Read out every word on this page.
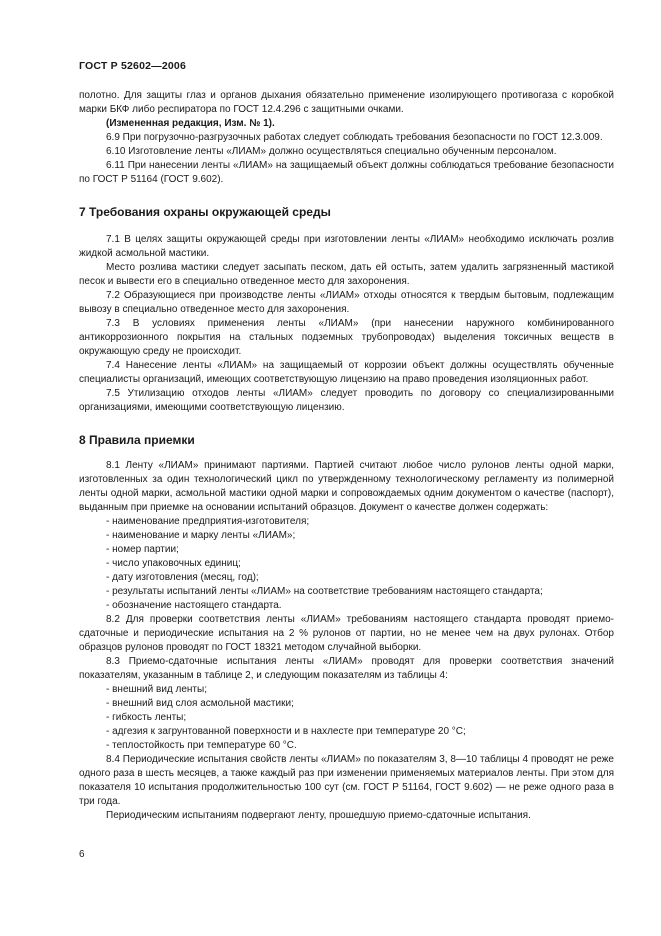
ГОСТ Р 52602—2006

полотно. Для защиты глаз и органов дыхания обязательно применение изолирующего противогаза с коробкой марки БКФ либо респиратора по ГОСТ 12.4.296 с защитными очками.

(Измененная редакция, Изм. № 1).

6.9 При погрузочно-разгрузочных работах следует соблюдать требования безопасности по ГОСТ 12.3.009.

6.10 Изготовление ленты «ЛИАМ» должно осуществляться специально обученным персоналом.

6.11 При нанесении ленты «ЛИАМ» на защищаемый объект должны соблюдаться требование безопасности по ГОСТ Р 51164 (ГОСТ 9.602).

7 Требования охраны окружающей среды

7.1 В целях защиты окружающей среды при изготовлении ленты «ЛИАМ» необходимо исключать розлив жидкой асмольной мастики.

Место розлива мастики следует засыпать песком, дать ей остыть, затем удалить загрязненный мастикой песок и вывести его в специально отведенное место для захоронения.

7.2 Образующиеся при производстве ленты «ЛИАМ» отходы относятся к твердым бытовым, подлежащим вывозу в специально отведенное место для захоронения.

7.3 В условиях применения ленты «ЛИАМ» (при нанесении наружного комбинированного антикоррозионного покрытия на стальных подземных трубопроводах) выделения токсичных веществ в окружающую среду не происходит.

7.4 Нанесение ленты «ЛИАМ» на защищаемый от коррозии объект должны осуществлять обученные специалисты организаций, имеющих соответствующую лицензию на право проведения изоляционных работ.

7.5 Утилизацию отходов ленты «ЛИАМ» следует проводить по договору со специализированными организациями, имеющими соответствующую лицензию.

8 Правила приемки

8.1 Ленту «ЛИАМ» принимают партиями. Партией считают любое число рулонов ленты одной марки, изготовленных за один технологический цикл по утвержденному технологическому регламенту из полимерной ленты одной марки, асмольной мастики одной марки и сопровождаемых одним документом о качестве (паспорт), выданным при приемке на основании испытаний образцов. Документ о качестве должен содержать:

- наименование предприятия-изготовителя;
- наименование и марку ленты «ЛИАМ»;
- номер партии;
- число упаковочных единиц;
- дату изготовления (месяц, год);
- результаты испытаний ленты «ЛИАМ» на соответствие требованиям настоящего стандарта;
- обозначение настоящего стандарта.

8.2 Для проверки соответствия ленты «ЛИАМ» требованиям настоящего стандарта проводят приемо-сдаточные и периодические испытания на 2 % рулонов от партии, но не менее чем на двух рулонах. Отбор образцов рулонов проводят по ГОСТ 18321 методом случайной выборки.

8.3 Приемо-сдаточные испытания ленты «ЛИАМ» проводят для проверки соответствия значений показателям, указанным в таблице 2, и следующим показателям из таблицы 4:

- внешний вид ленты;
- внешний вид слоя асмольной мастики;
- гибкость ленты;
- адгезия к загрунтованной поверхности и в нахлесте при температуре 20 °С;
- теплостойкость при температуре 60 °С.

8.4 Периодические испытания свойств ленты «ЛИАМ» по показателям 3, 8—10 таблицы 4 проводят не реже одного раза в шесть месяцев, а также каждый раз при изменении применяемых материалов ленты. При этом для показателя 10 испытания продолжительностью 100 сут (см. ГОСТ Р 51164, ГОСТ 9.602) — не реже одного раза в три года.

Периодическим испытаниям подвергают ленту, прошедшую приемо-сдаточные испытания.

6
